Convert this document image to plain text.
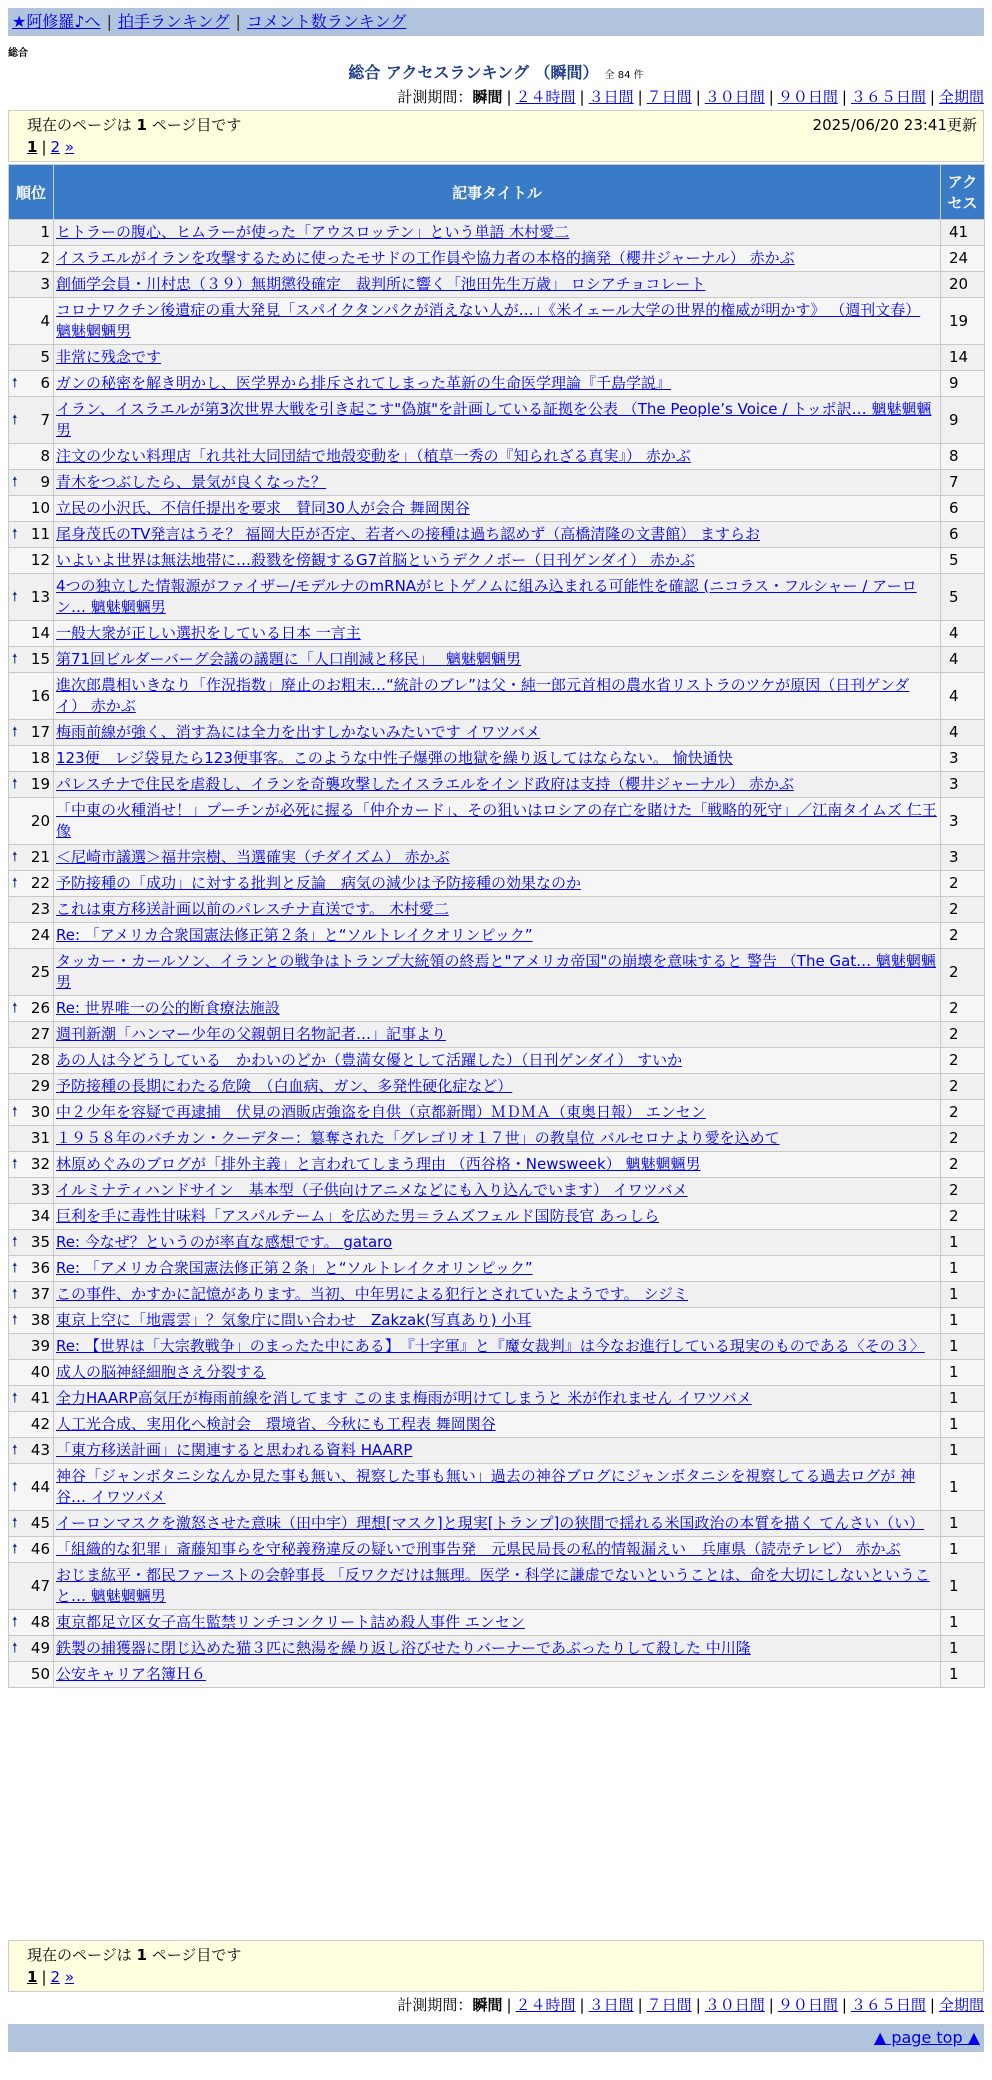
★阿修羅♪へ | 拍手ランキング | コメント数ランキング
総合
総合 アクセスランキング （瞬間） 全 84 件
計測期間：瞬間 | ２４時間 | ３日間 | ７日間 | ３０日間 | ９０日間 | ３６５日間 | 全期間
現在のページは 1 ページ目です	2025/06/20 23:41更新
1 | 2 »
順位	記事タイトル	アクセス
1	ヒトラーの腹心、ヒムラーが使った「アウスロッテン」という単語 木村愛二	41
2	イスラエルがイランを攻撃するために使ったモサドの工作員や協力者の本格的摘発（櫻井ジャーナル） 赤かぶ	24
3	創価学会員・川村忠（３９）無期懲役確定　裁判所に響く「池田先生万歳」 ロシアチョコレート	20
4	コロナワクチン後遺症の重大発見「スパイクタンパクが消えない人が…」《米イェール大学の世界的権威が明かす》 （週刊文春） 魑魅魍魎男	19
5	非常に残念です	14

🠕 6	ガンの秘密を解き明かし、医学界から排斥されてしまった革新の生命医学理論『千島学説』	9

🠕 7	イラン、イスラエルが第3次世界大戦を引き起こす"偽旗"を計画している証拠を公表 （The People’s Voice / トッポ訳… 魑魅魍魎男	9
8	注文の少ない料理店「れ共社大同団結で地殻変動を」（植草一秀の『知られざる真実』） 赤かぶ	8

🠕 9	青木をつぶしたら、景気が良くなった？	7
10	立民の小沢氏、不信任提出を要求　賛同30人が会合 舞岡関谷	6

🠕 11	尾身茂氏のTV発言はうそ？ 福岡大臣が否定、若者への接種は過ち認めず（高橋清隆の文書館） ますらお	6
12	いよいよ世界は無法地帯に…殺戮を傍観するG7首脳というデクノボー（日刊ゲンダイ） 赤かぶ	5

🠕 13	4つの独立した情報源がファイザー/モデルナのmRNAがヒトゲノムに組み込まれる可能性を確認 (ニコラス・フルシャー / アーロン… 魑魅魍魎男	5
14	一般大衆が正しい選択をしている日本 一言主	4

🠕 15	第71回ビルダーバーグ会議の議題に「人口削減と移民」　 魑魅魍魎男	4
16	進次郎農相いきなり「作況指数」廃止のお粗末…“統計のブレ”は父・純一郎元首相の農水省リストラのツケが原因（日刊ゲンダイ） 赤かぶ	4

🠕 17	梅雨前線が強く、消す為には全力を出すしかないみたいです イワツバメ	4
18	123便　レジ袋見たら123便事客。このような中性子爆弾の地獄を繰り返してはならない。 愉快通快	3

🠕 19	パレスチナで住民を虐殺し、イランを奇襲攻撃したイスラエルをインド政府は支持（櫻井ジャーナル） 赤かぶ	3
20	「中東の火種消せ！」プーチンが必死に握る「仲介カード」、その狙いはロシアの存亡を賭けた「戦略的死守」／江南タイムズ 仁王像	3

🠕 21	＜尼崎市議選＞福井宗樹、当選確実（チダイズム） 赤かぶ	3

🠕 22	予防接種の「成功」に対する批判と反論　病気の減少は予防接種の効果なのか	2
23	これは東方移送計画以前のパレスチナ直送です。 木村愛二	2
24	Re: 「アメリカ合衆国憲法修正第２条」と“ソルトレイクオリンピック”	2
25	タッカー・カールソン、イランとの戦争はトランプ大統領の終焉と"アメリカ帝国"の崩壊を意味すると 警告 （The Gat… 魑魅魍魎男	2

🠕 26	Re: 世界唯一の公的断食療法施設	2
27	週刊新潮「ハンマー少年の父親朝日名物記者…」記事より	2
28	あの人は今どうしている　かわいのどか（豊満女優として活躍した）（日刊ゲンダイ） すいか	2
29	予防接種の長期にわたる危険　（白血病、ガン、多発性硬化症など）	2

🠕 30	中２少年を容疑で再逮捕　伏見の酒販店強盗を自供（京都新聞）ＭＤＭＡ（東奥日報） エンセン	2
31	１９５８年のバチカン・クーデター：簒奪された「グレゴリオ１７世」の教皇位 バルセロナより愛を込めて	2

🠕 32	林原めぐみのブログが「排外主義」と言われてしまう理由 （西谷格・Newsweek） 魑魅魍魎男	2
33	イルミナティハンドサイン　基本型（子供向けアニメなどにも入り込んでいます） イワツバメ	2
34	巨利を手に毒性甘味料「アスパルテーム」を広めた男＝ラムズフェルド国防長官 あっしら	2

🠕 35	Re: 今なぜ？というのが率直な感想です。 gataro	1

🠕 36	Re: 「アメリカ合衆国憲法修正第２条」と“ソルトレイクオリンピック”	1

🠕 37	この事件、かすかに記憶があります。当初、中年男による犯行とされていたようです。 シジミ	1

🠕 38	東京上空に「地震雲」？気象庁に問い合わせ　Zakzak(写真あり) 小耳	1
39	Re: 【世界は「大宗教戦争」のまったた中にある】　『十字軍』と『魔女裁判』は今なお進行している現実のものである〈その３〉	1
40	成人の脳神経細胞さえ分裂する	1

🠕 41	全力HAARP高気圧が梅雨前線を消してます このまま梅雨が明けてしまうと 米が作れません イワツバメ	1
42	人工光合成、実用化へ検討会　環境省、今秋にも工程表 舞岡関谷	1

🠕 43	「東方移送計画」に関連すると思われる資料 HAARP	1

🠕 44	神谷「ジャンボタニシなんか見た事も無い、視察した事も無い」過去の神谷ブログにジャンボタニシを視察してる過去ログが 神谷… イワツバメ	1

🠕 45	イーロンマスクを激怒させた意味（田中宇）理想[マスク]と現実[トランプ]の狭間で揺れる米国政治の本質を描く てんさい（い）	1

🠕 46	「組織的な犯罪」斎藤知事らを守秘義務違反の疑いで刑事告発　元県民局長の私的情報漏えい　兵庫県（読売テレビ） 赤かぶ	1
47	おじま紘平・都民ファーストの会幹事長 「反ワクだけは無理。医学・科学に謙虚でないということは、命を大切にしないということ… 魑魅魍魎男	1

🠕 48	東京都足立区女子高生監禁リンチコンクリート詰め殺人事件 エンセン	1

🠕 49	鉄製の捕獲器に閉じ込めた猫３匹に熱湯を繰り返し浴びせたりバーナーであぶったりして殺した 中川隆	1
50	公安キャリア名簿Ｈ６	1
現在のページは 1 ページ目です
1 | 2 »
計測期間：瞬間 | ２４時間 | ３日間 | ７日間 | ３０日間 | ９０日間 | ３６５日間 | 全期間
▲ page top ▲
